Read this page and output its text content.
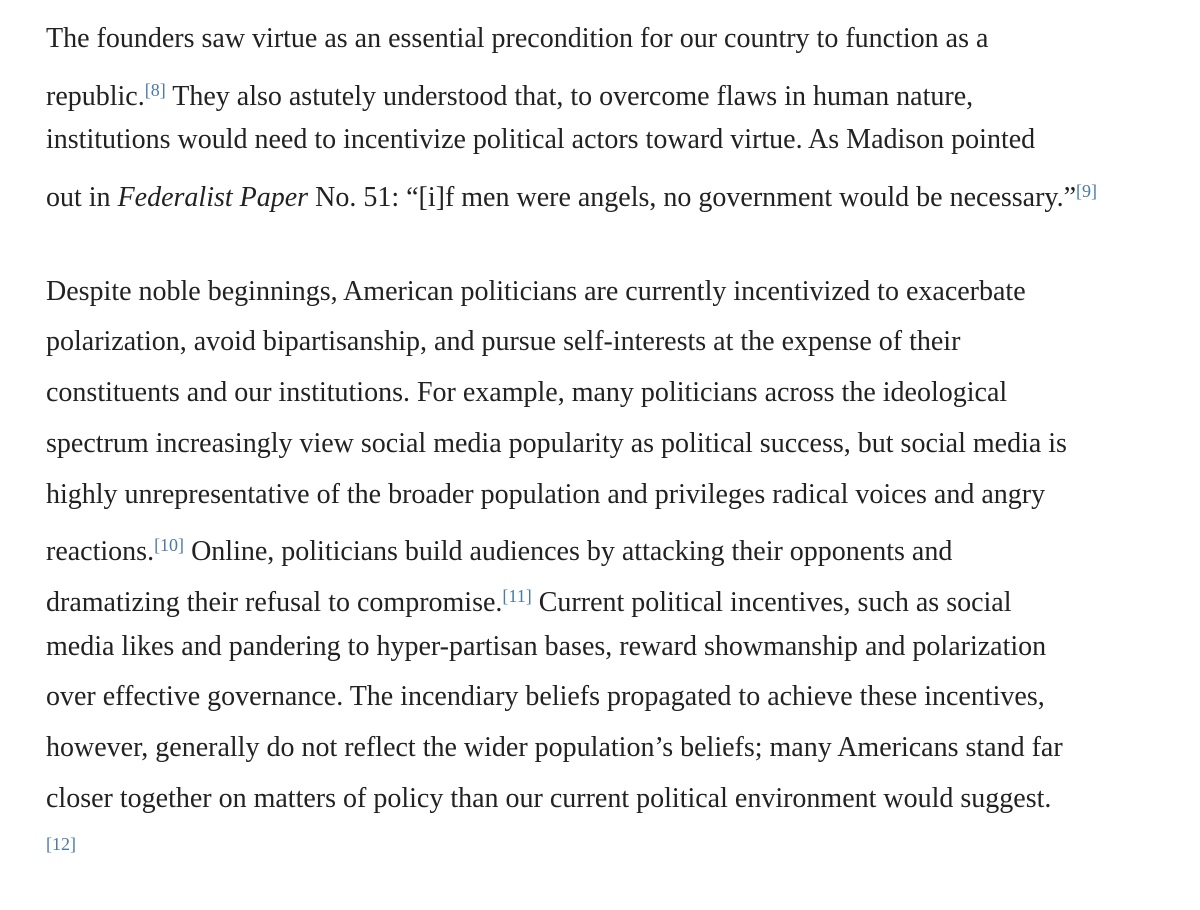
The founders saw virtue as an essential precondition for our country to function as a
republic.[8] They also astutely understood that, to overcome flaws in human nature,
institutions would need to incentivize political actors toward virtue. As Madison pointed
out in Federalist Paper No. 51: “[i]f men were angels, no government would be necessary.”[9]
Despite noble beginnings, American politicians are currently incentivized to exacerbate
polarization, avoid bipartisanship, and pursue self-interests at the expense of their
constituents and our institutions. For example, many politicians across the ideological
spectrum increasingly view social media popularity as political success, but social media is
highly unrepresentative of the broader population and privileges radical voices and angry
reactions.[10] Online, politicians build audiences by attacking their opponents and
dramatizing their refusal to compromise.[11] Current political incentives, such as social
media likes and pandering to hyper-partisan bases, reward showmanship and polarization
over effective governance. The incendiary beliefs propagated to achieve these incentives,
however, generally do not reflect the wider population’s beliefs; many Americans stand far
closer together on matters of policy than our current political environment would suggest.
[12]
